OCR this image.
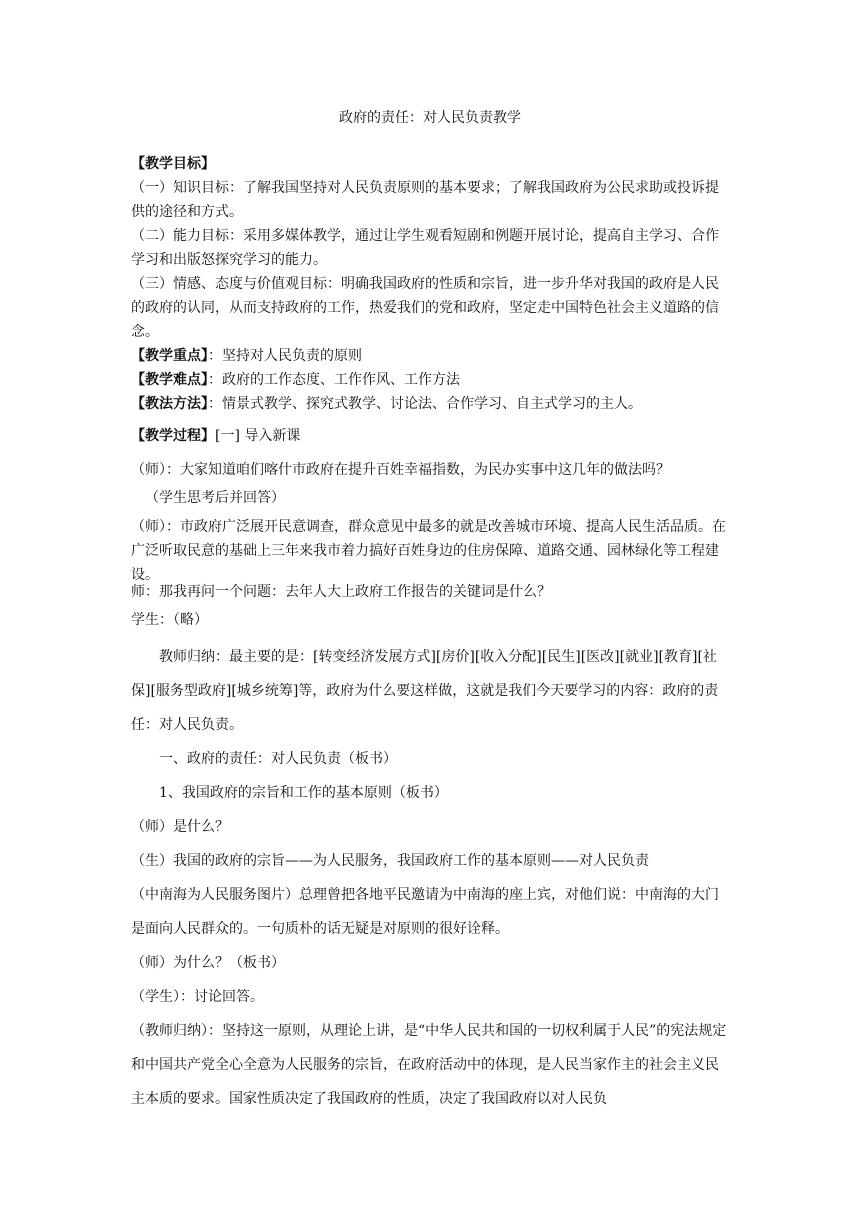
政府的责任：对人民负责教学
【教学目标】
（一）知识目标：了解我国坚持对人民负责原则的基本要求；了解我国政府为公民求助或投诉提供的途径和方式。
（二）能力目标：采用多媒体教学，通过让学生观看短剧和例题开展讨论，提高自主学习、合作学习和出版怒探究学习的能力。
（三）情感、态度与价值观目标：明确我国政府的性质和宗旨，进一步升华对我国的政府是人民的政府的认同，从而支持政府的工作，热爱我们的党和政府，坚定走中国特色社会主义道路的信念。
【教学重点】：坚持对人民负责的原则
【教学难点】：政府的工作态度、工作作风、工作方法
【教法方法】：情景式教学、探究式教学、讨论法、合作学习、自主式学习的主人。
【教学过程】[一] 导入新课
（师）：大家知道咱们喀什市政府在提升百姓幸福指数，为民办实事中这几年的做法吗？
（学生思考后并回答）
（师）：市政府广泛展开民意调查，群众意见中最多的就是改善城市环境、提高人民生活品质。在广泛听取民意的基础上三年来我市着力搞好百姓身边的住房保障、道路交通、园林绿化等工程建设。
师：那我再问一个问题：去年人大上政府工作报告的关键词是什么？
学生：（略）
教师归纳：最主要的是：[转变经济发展方式][房价][收入分配][民生][医改][就业][教育][社保][服务型政府][城乡统筹]等，政府为什么要这样做，这就是我们今天要学习的内容：政府的责任：对人民负责。
一、政府的责任：对人民负责（板书）
1、我国政府的宗旨和工作的基本原则（板书）
（师）是什么？
（生）我国的政府的宗旨——为人民服务，我国政府工作的基本原则——对人民负责
（中南海为人民服务图片）总理曾把各地平民邀请为中南海的座上宾，对他们说：中南海的大门是面向人民群众的。一句质朴的话无疑是对原则的很好诠释。
（师）为什么？（板书）
（学生）：讨论回答。
（教师归纳）：坚持这一原则，从理论上讲，是“中华人民共和国的一切权利属于人民”的宪法规定和中国共产党全心全意为人民服务的宗旨，在政府活动中的体现，是人民当家作主的社会主义民主本质的要求。国家性质决定了我国政府的性质，决定了我国政府以对人民负
